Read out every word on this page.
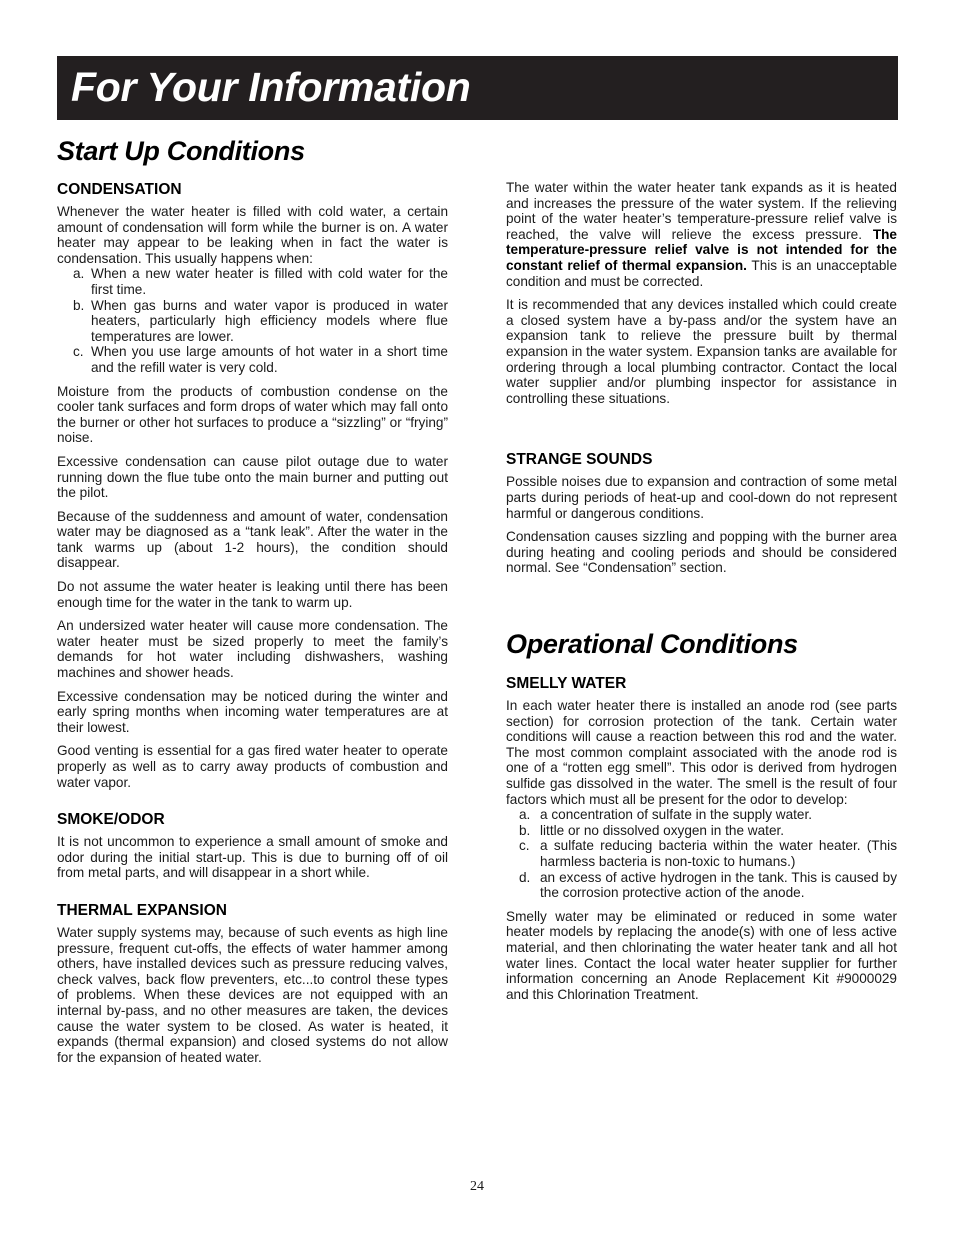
For Your Information
Start Up Conditions
CONDENSATION

Whenever the water heater is filled with cold water, a certain amount of condensation will form while the burner is on. A water heater may appear to be leaking when in fact the water is condensation. This usually happens when:

a. When a new water heater is filled with cold water for the first time.
b. When gas burns and water vapor is produced in water heaters, particularly high efficiency models where flue temperatures are lower.
c. When you use large amounts of hot water in a short time and the refill water is very cold.

Moisture from the products of combustion condense on the cooler tank surfaces and form drops of water which may fall onto the burner or other hot surfaces to produce a “sizzling” or “frying” noise.

Excessive condensation can cause pilot outage due to water running down the flue tube onto the main burner and putting out the pilot.

Because of the suddenness and amount of water, condensation water may be diagnosed as a “tank leak”. After the water in the tank warms up (about 1-2 hours), the condition should disappear.

Do not assume the water heater is leaking until there has been enough time for the water in the tank to warm up.

An undersized water heater will cause more condensation. The water heater must be sized properly to meet the family’s demands for hot water including dishwashers, washing machines and shower heads.

Excessive condensation may be noticed during the winter and early spring months when incoming water temperatures are at their lowest.

Good venting is essential for a gas fired water heater to operate properly as well as to carry away products of combustion and water vapor.

SMOKE/ODOR

It is not uncommon to experience a small amount of smoke and odor during the initial start-up. This is due to burning off of oil from metal parts, and will disappear in a short while.

THERMAL EXPANSION

Water supply systems may, because of such events as high line pressure, frequent cut-offs, the effects of water hammer among others, have installed devices such as pressure reducing valves, check valves, back flow preventers, etc...to control these types of problems. When these devices are not equipped with an internal by-pass, and no other measures are taken, the devices cause the water system to be closed. As water is heated, it expands (thermal expansion) and closed systems do not allow for the expansion of heated water.

The water within the water heater tank expands as it is heated and increases the pressure of the water system. If the relieving point of the water heater’s temperature-pressure relief valve is reached, the valve will relieve the excess pressure. The temperature-pressure relief valve is not intended for the constant relief of thermal expansion. This is an unacceptable condition and must be corrected.

It is recommended that any devices installed which could create a closed system have a by-pass and/or the system have an expansion tank to relieve the pressure built by thermal expansion in the water system. Expansion tanks are available for ordering through a local plumbing contractor. Contact the local water supplier and/or plumbing inspector for assistance in controlling these situations.

STRANGE SOUNDS

Possible noises due to expansion and contraction of some metal parts during periods of heat-up and cool-down do not represent harmful or dangerous conditions.

Condensation causes sizzling and popping with the burner area during heating and cooling periods and should be considered normal. See “Condensation” section.

Operational Conditions
SMELLY WATER

In each water heater there is installed an anode rod (see parts section) for corrosion protection of the tank. Certain water conditions will cause a reaction between this rod and the water. The most common complaint associated with the anode rod is one of a “rotten egg smell”. This odor is derived from hydrogen sulfide gas dissolved in the water. The smell is the result of four factors which must all be present for the odor to develop:

a. a concentration of sulfate in the supply water.
b. little or no dissolved oxygen in the water.
c. a sulfate reducing bacteria within the water heater. (This harmless bacteria is non-toxic to humans.)
d. an excess of active hydrogen in the tank. This is caused by the corrosion protective action of the anode.

Smelly water may be eliminated or reduced in some water heater models by replacing the anode(s) with one of less active material, and then chlorinating the water heater tank and all hot water lines. Contact the local water heater supplier for further information concerning an Anode Replacement Kit #9000029 and this Chlorination Treatment.

24
